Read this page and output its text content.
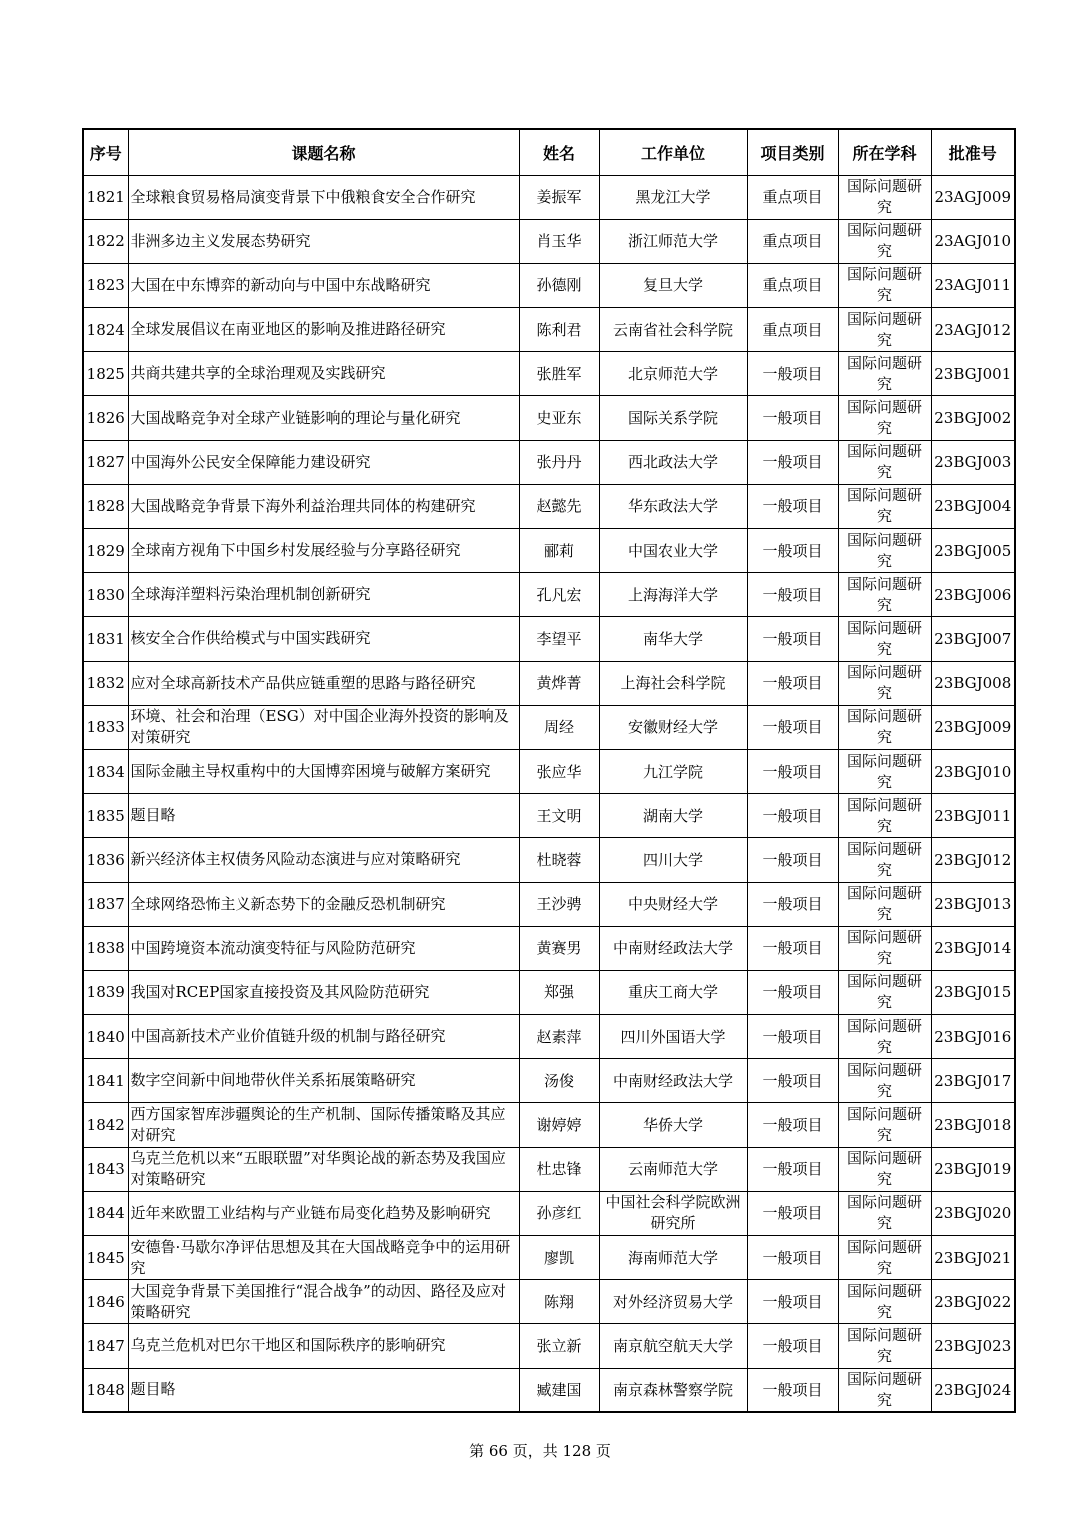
序号	课题名称	姓名	工作单位	项目类别	所在学科	批准号
1821	全球粮食贸易格局演变背景下中俄粮食安全合作研究	姜振军	黑龙江大学	重点项目	国际问题研究	23AGJ009
1822	非洲多边主义发展态势研究	肖玉华	浙江师范大学	重点项目	国际问题研究	23AGJ010
1823	大国在中东博弈的新动向与中国中东战略研究	孙德刚	复旦大学	重点项目	国际问题研究	23AGJ011
1824	全球发展倡议在南亚地区的影响及推进路径研究	陈利君	云南省社会科学院	重点项目	国际问题研究	23AGJ012
1825	共商共建共享的全球治理观及实践研究	张胜军	北京师范大学	一般项目	国际问题研究	23BGJ001
1826	大国战略竞争对全球产业链影响的理论与量化研究	史亚东	国际关系学院	一般项目	国际问题研究	23BGJ002
1827	中国海外公民安全保障能力建设研究	张丹丹	西北政法大学	一般项目	国际问题研究	23BGJ003
1828	大国战略竞争背景下海外利益治理共同体的构建研究	赵懿先	华东政法大学	一般项目	国际问题研究	23BGJ004
1829	全球南方视角下中国乡村发展经验与分享路径研究	郦莉	中国农业大学	一般项目	国际问题研究	23BGJ005
1830	全球海洋塑料污染治理机制创新研究	孔凡宏	上海海洋大学	一般项目	国际问题研究	23BGJ006
1831	核安全合作供给模式与中国实践研究	李望平	南华大学	一般项目	国际问题研究	23BGJ007
1832	应对全球高新技术产品供应链重塑的思路与路径研究	黄烨菁	上海社会科学院	一般项目	国际问题研究	23BGJ008
1833	环境、社会和治理（ESG）对中国企业海外投资的影响及对策研究	周经	安徽财经大学	一般项目	国际问题研究	23BGJ009
1834	国际金融主导权重构中的大国博弈困境与破解方案研究	张应华	九江学院	一般项目	国际问题研究	23BGJ010
1835	题目略	王文明	湖南大学	一般项目	国际问题研究	23BGJ011
1836	新兴经济体主权债务风险动态演进与应对策略研究	杜晓蓉	四川大学	一般项目	国际问题研究	23BGJ012
1837	全球网络恐怖主义新态势下的金融反恐机制研究	王沙骋	中央财经大学	一般项目	国际问题研究	23BGJ013
1838	中国跨境资本流动演变特征与风险防范研究	黄赛男	中南财经政法大学	一般项目	国际问题研究	23BGJ014
1839	我国对RCEP国家直接投资及其风险防范研究	郑强	重庆工商大学	一般项目	国际问题研究	23BGJ015
1840	中国高新技术产业价值链升级的机制与路径研究	赵素萍	四川外国语大学	一般项目	国际问题研究	23BGJ016
1841	数字空间新中间地带伙伴关系拓展策略研究	汤俊	中南财经政法大学	一般项目	国际问题研究	23BGJ017
1842	西方国家智库涉疆舆论的生产机制、国际传播策略及其应对研究	谢婷婷	华侨大学	一般项目	国际问题研究	23BGJ018
1843	乌克兰危机以来“五眼联盟”对华舆论战的新态势及我国应对策略研究	杜忠锋	云南师范大学	一般项目	国际问题研究	23BGJ019
1844	近年来欧盟工业结构与产业链布局变化趋势及影响研究	孙彦红	中国社会科学院欧洲研究所	一般项目	国际问题研究	23BGJ020
1845	安德鲁·马歇尔净评估思想及其在大国战略竞争中的运用研究	廖凯	海南师范大学	一般项目	国际问题研究	23BGJ021
1846	大国竞争背景下美国推行“混合战争”的动因、路径及应对策略研究	陈翔	对外经济贸易大学	一般项目	国际问题研究	23BGJ022
1847	乌克兰危机对巴尔干地区和国际秩序的影响研究	张立新	南京航空航天大学	一般项目	国际问题研究	23BGJ023
1848	题目略	臧建国	南京森林警察学院	一般项目	国际问题研究	23BGJ024
第 66 页，共 128 页
